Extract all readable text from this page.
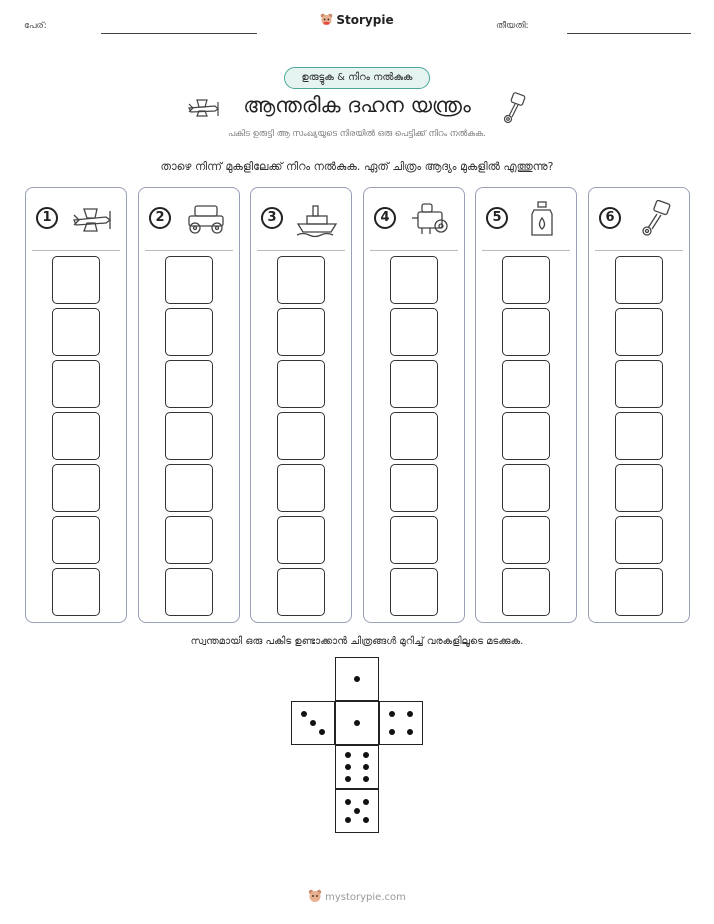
പേര്:	Storypie	തീയതി:
ഉരുട്ടുക & നിറം നൽകുക
ആന്തരിക ദഹന യന്ത്രം
പകിട ഉരുട്ടി ആ സംഖ്യയുടെ നിരയിൽ ഒരു പെട്ടിക്ക് നിറം നൽകുക.
താഴെ നിന്ന് മുകളിലേക്ക് നിറം നൽകുക. ഏത് ചിത്രം ആദ്യം മുകളിൽ എത്തുന്നു?
1	2	3	4	5	6
സ്വന്തമായി ഒരു പകിട ഉണ്ടാക്കാൻ ചിത്രങ്ങൾ മുറിച്ച് വരകളിലൂടെ മടക്കുക.
mystorypie.com
